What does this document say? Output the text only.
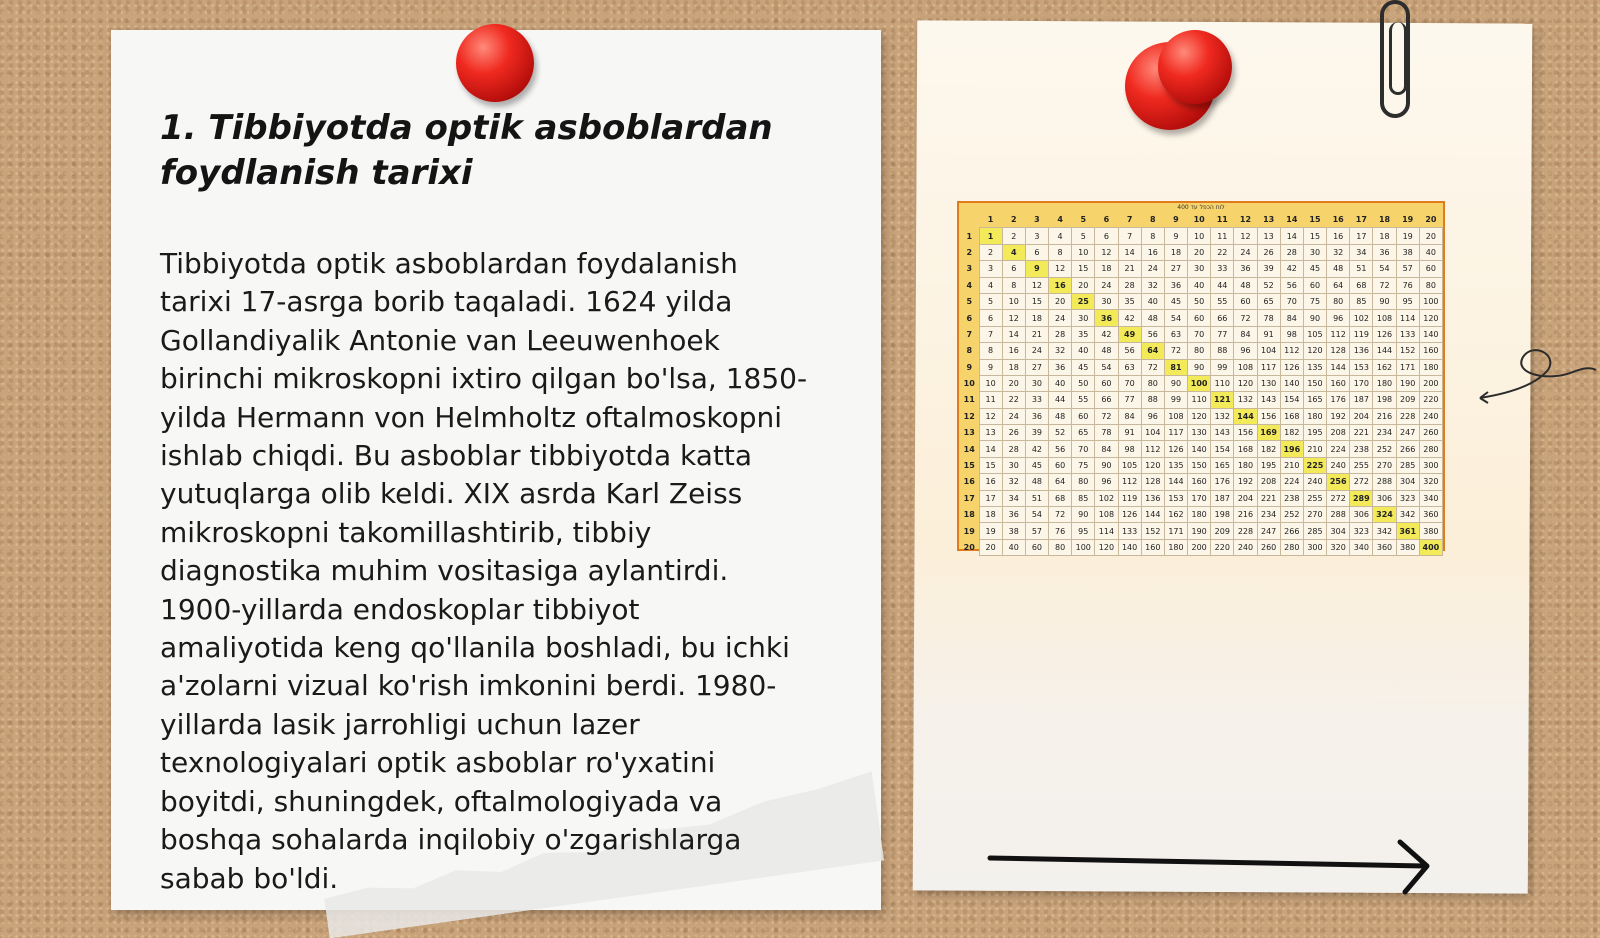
1. Tibbiyotda optik asboblardan foydlanish tarixi

Tibbiyotda optik asboblardan foydalanish tarixi 17-asrga borib taqaladi. 1624 yilda Gollandiyalik Antonie van Leeuwenhoek birinchi mikroskopni ixtiro qilgan bo'lsa, 1850-yilda Hermann von Helmholtz oftalmoskopni ishlab chiqdi. Bu asboblar tibbiyotda katta yutuqlarga olib keldi. XIX asrda Karl Zeiss mikroskopni takomillashtirib, tibbiy diagnostika muhim vositasiga aylantirdi. 1900-yillarda endoskoplar tibbiyot amaliyotida keng qo'llanila boshladi, bu ichki a'zolarni vizual ko'rish imkonini berdi. 1980-yillarda lasik jarrohligi uchun lazer texnologiyalari optik asboblar ro'yxatini boyitdi, shuningdek, oftalmologiyada va boshqa sohalarda inqilobiy o'zgarishlarga sabab bo'ldi.

לוח הכפל עד 400
	1	2	3	4	5	6	7	8	9	10	11	12	13	14	15	16	17	18	19	20
1	1	2	3	4	5	6	7	8	9	10	11	12	13	14	15	16	17	18	19	20
2	2	4	6	8	10	12	14	16	18	20	22	24	26	28	30	32	34	36	38	40
3	3	6	9	12	15	18	21	24	27	30	33	36	39	42	45	48	51	54	57	60
4	4	8	12	16	20	24	28	32	36	40	44	48	52	56	60	64	68	72	76	80
5	5	10	15	20	25	30	35	40	45	50	55	60	65	70	75	80	85	90	95	100
6	6	12	18	24	30	36	42	48	54	60	66	72	78	84	90	96	102	108	114	120
7	7	14	21	28	35	42	49	56	63	70	77	84	91	98	105	112	119	126	133	140
8	8	16	24	32	40	48	56	64	72	80	88	96	104	112	120	128	136	144	152	160
9	9	18	27	36	45	54	63	72	81	90	99	108	117	126	135	144	153	162	171	180
10	10	20	30	40	50	60	70	80	90	100	110	120	130	140	150	160	170	180	190	200
11	11	22	33	44	55	66	77	88	99	110	121	132	143	154	165	176	187	198	209	220
12	12	24	36	48	60	72	84	96	108	120	132	144	156	168	180	192	204	216	228	240
13	13	26	39	52	65	78	91	104	117	130	143	156	169	182	195	208	221	234	247	260
14	14	28	42	56	70	84	98	112	126	140	154	168	182	196	210	224	238	252	266	280
15	15	30	45	60	75	90	105	120	135	150	165	180	195	210	225	240	255	270	285	300
16	16	32	48	64	80	96	112	128	144	160	176	192	208	224	240	256	272	288	304	320
17	17	34	51	68	85	102	119	136	153	170	187	204	221	238	255	272	289	306	323	340
18	18	36	54	72	90	108	126	144	162	180	198	216	234	252	270	288	306	324	342	360
19	19	38	57	76	95	114	133	152	171	190	209	228	247	266	285	304	323	342	361	380
20	20	40	60	80	100	120	140	160	180	200	220	240	260	280	300	320	340	360	380	400
